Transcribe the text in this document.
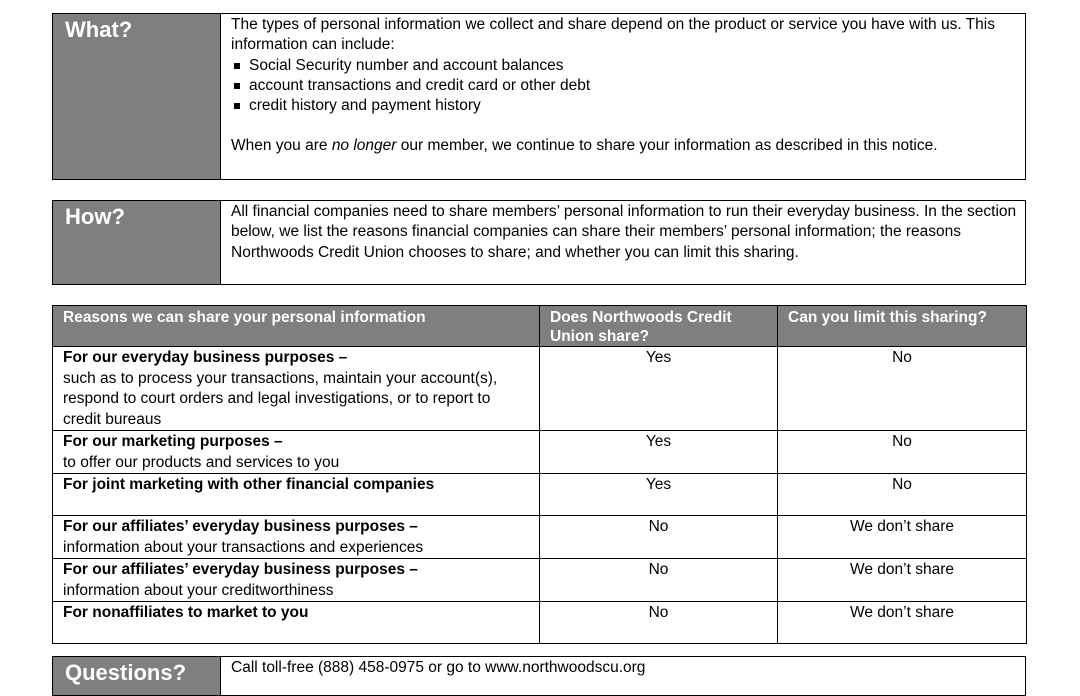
What?	The types of personal information we collect and share depend on the product or service you have with us. This information can include:
Social Security number and account balances
account transactions and credit card or other debt
credit history and payment history
When you are no longer our member, we continue to share your information as described in this notice.
How?	All financial companies need to share members’ personal information to run their everyday business. In the section below, we list the reasons financial companies can share their members’ personal information; the reasons Northwoods Credit Union chooses to share; and whether you can limit this sharing.
Reasons we can share your personal information	Does Northwoods Credit Union share?	Can you limit this sharing?

For our everyday business purposes –
such as to process your transactions, maintain your account(s), respond to court orders and legal investigations, or to report to credit bureaus	Yes	No

For our marketing purposes –
to offer our products and services to you	Yes	No

For joint marketing with other financial companies	Yes	No

For our affiliates’ everyday business purposes –
information about your transactions and experiences	No	We don’t share

For our affiliates’ everyday business purposes –
information about your creditworthiness	No	We don’t share

For nonaffiliates to market to you	No	We don’t share
Questions?	Call toll-free (888) 458-0975 or go to www.northwoodscu.org
